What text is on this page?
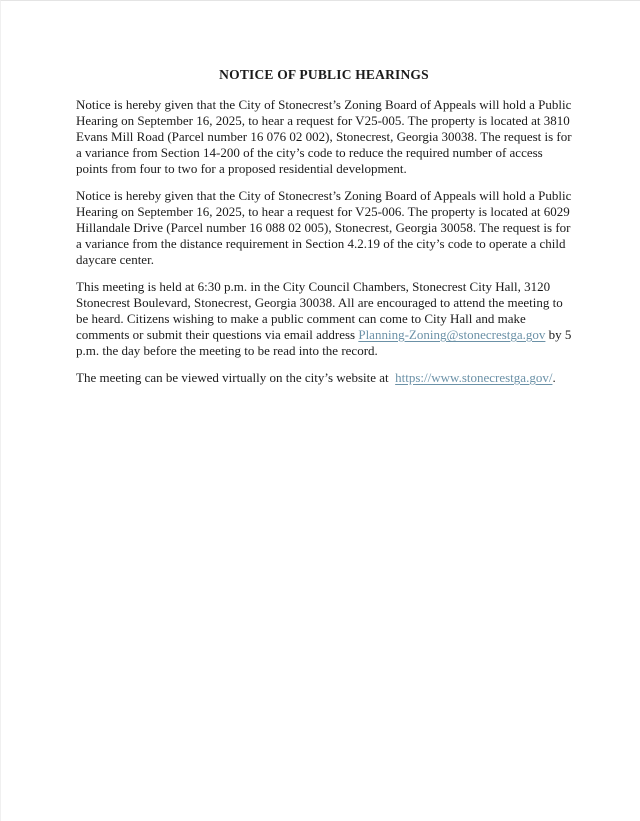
NOTICE OF PUBLIC HEARINGS

Notice is hereby given that the City of Stonecrest’s Zoning Board of Appeals will hold a Public Hearing on September 16, 2025, to hear a request for V25-005. The property is located at 3810 Evans Mill Road (Parcel number 16 076 02 002), Stonecrest, Georgia 30038. The request is for a variance from Section 14-200 of the city’s code to reduce the required number of access points from four to two for a proposed residential development.

Notice is hereby given that the City of Stonecrest’s Zoning Board of Appeals will hold a Public Hearing on September 16, 2025, to hear a request for V25-006. The property is located at 6029 Hillandale Drive (Parcel number 16 088 02 005), Stonecrest, Georgia 30058. The request is for a variance from the distance requirement in Section 4.2.19 of the city’s code to operate a child daycare center.

This meeting is held at 6:30 p.m. in the City Council Chambers, Stonecrest City Hall, 3120 Stonecrest Boulevard, Stonecrest, Georgia 30038. All are encouraged to attend the meeting to be heard. Citizens wishing to make a public comment can come to City Hall and make comments or submit their questions via email address Planning-Zoning@stonecrestga.gov by 5 p.m. the day before the meeting to be read into the record.

The meeting can be viewed virtually on the city’s website at  https://www.stonecrestga.gov/.
